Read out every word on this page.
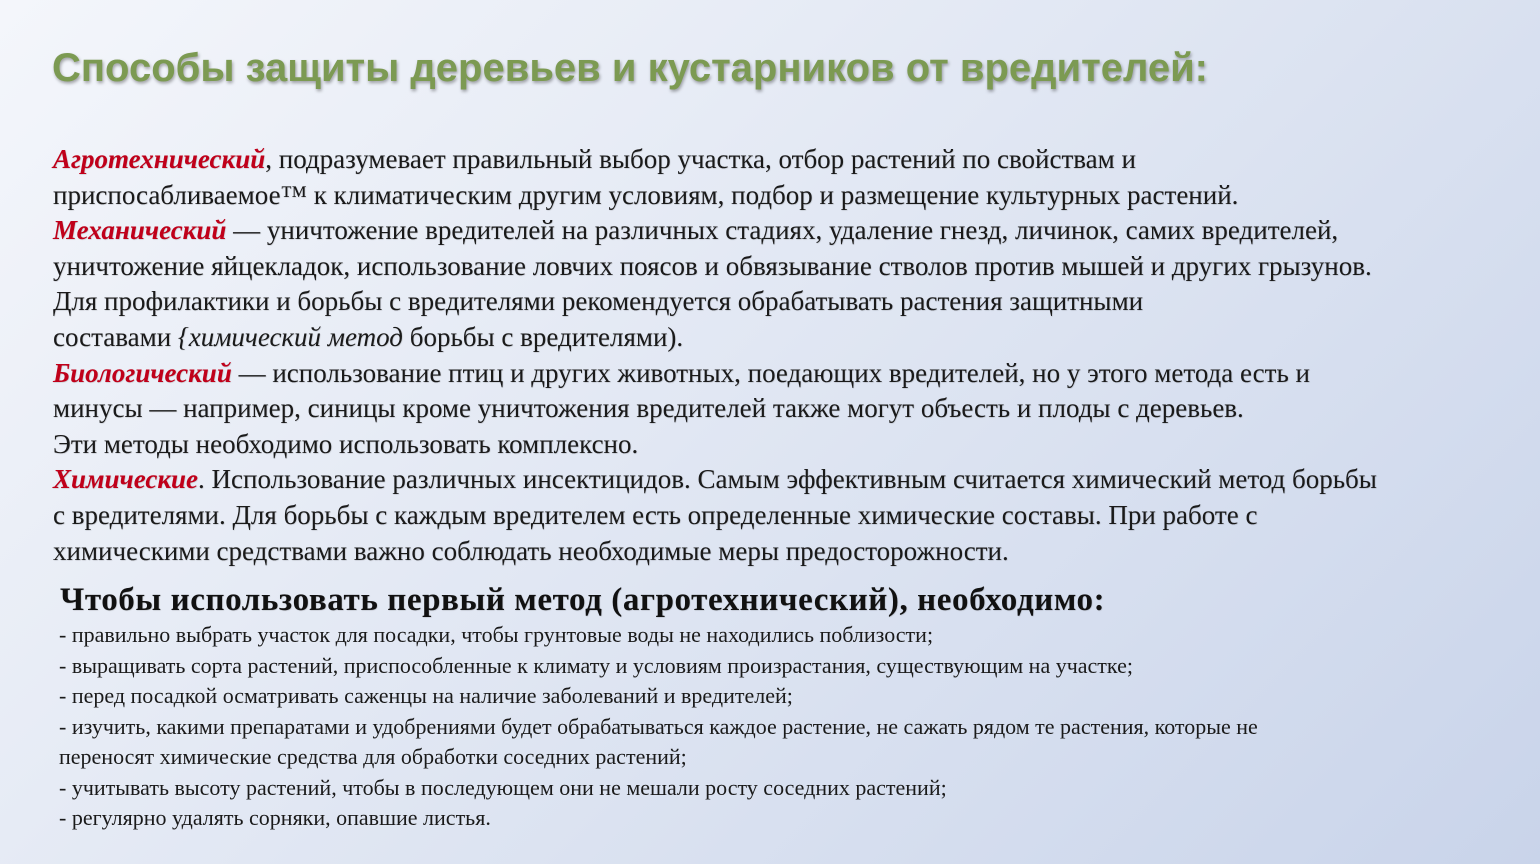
Способы защиты деревьев и кустарников от вредителей:
Агротехнический, подразумевает правильный выбор участка, отбор растений по свойствам и
приспосабливаемое™ к климатическим другим условиям, подбор и размещение культурных растений.
Механический — уничтожение вредителей на различных стадиях, удаление гнезд, личинок, самих вредителей,
уничтожение яйцекладок, использование ловчих поясов и обвязывание стволов против мышей и других грызунов.
Для профилактики и борьбы с вредителями рекомендуется обрабатывать растения защитными
составами {химический метод борьбы с вредителями).
Биологический — использование птиц и других животных, поедающих вредителей, но у этого метода есть и
минусы — например, синицы кроме уничтожения вредителей также могут объесть и плоды с деревьев.
Эти методы необходимо использовать комплексно.
Химические. Использование различных инсектицидов. Самым эффективным считается химический метод борьбы
с вредителями. Для борьбы с каждым вредителем есть определенные химические составы. При работе с
химическими средствами важно соблюдать необходимые меры предосторожности.
Чтобы использовать первый метод (агротехнический), необходимо:
- правильно выбрать участок для посадки, чтобы грунтовые воды не находились поблизости;
- выращивать сорта растений, приспособленные к климату и условиям произрастания, существующим на участке;
- перед посадкой осматривать саженцы на наличие заболеваний и вредителей;
- изучить, какими препаратами и удобрениями будет обрабатываться каждое растение, не сажать рядом те растения, которые не
переносят химические средства для обработки соседних растений;
- учитывать высоту растений, чтобы в последующем они не мешали росту соседних растений;
- регулярно удалять сорняки, опавшие листья.
